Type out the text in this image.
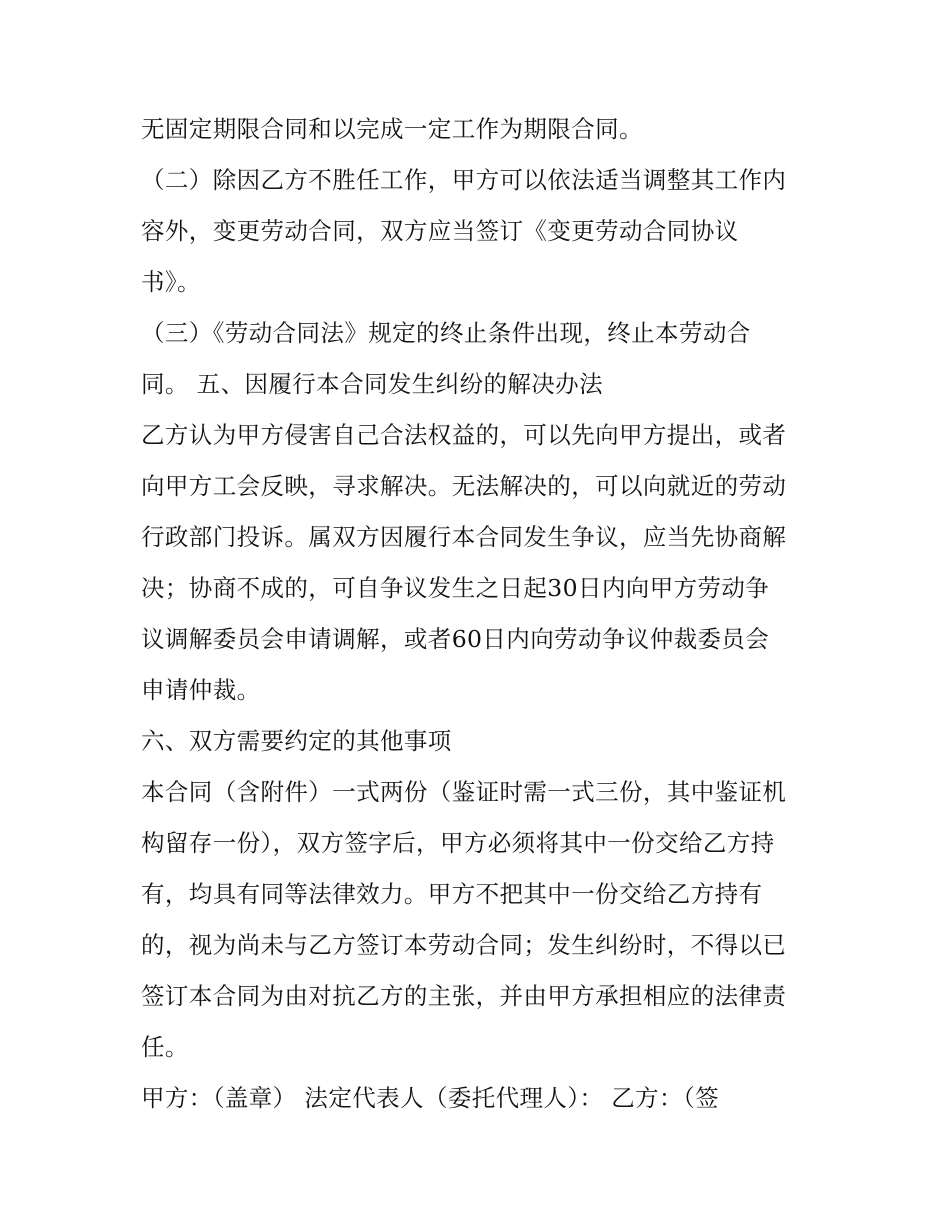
无固定期限合同和以完成一定工作为期限合同。
（二）除因乙方不胜任工作，甲方可以依法适当调整其工作内
容外，变更劳动合同，双方应当签订《变更劳动合同协议
书》。
（三）《劳动合同法》规定的终止条件出现，终止本劳动合
同。 五、因履行本合同发生纠纷的解决办法
乙方认为甲方侵害自己合法权益的，可以先向甲方提出，或者
向甲方工会反映，寻求解决。无法解决的，可以向就近的劳动
行政部门投诉。属双方因履行本合同发生争议，应当先协商解
决；协商不成的，可自争议发生之日起30日内向甲方劳动争
议调解委员会申请调解，或者60日内向劳动争议仲裁委员会
申请仲裁。
六、双方需要约定的其他事项
本合同（含附件）一式两份（鉴证时需一式三份，其中鉴证机
构留存一份），双方签字后，甲方必须将其中一份交给乙方持
有，均具有同等法律效力。甲方不把其中一份交给乙方持有
的，视为尚未与乙方签订本劳动合同；发生纠纷时，不得以已
签订本合同为由对抗乙方的主张，并由甲方承担相应的法律责
任。
甲方：（盖章） 法定代表人（委托代理人）： 乙方：（签
